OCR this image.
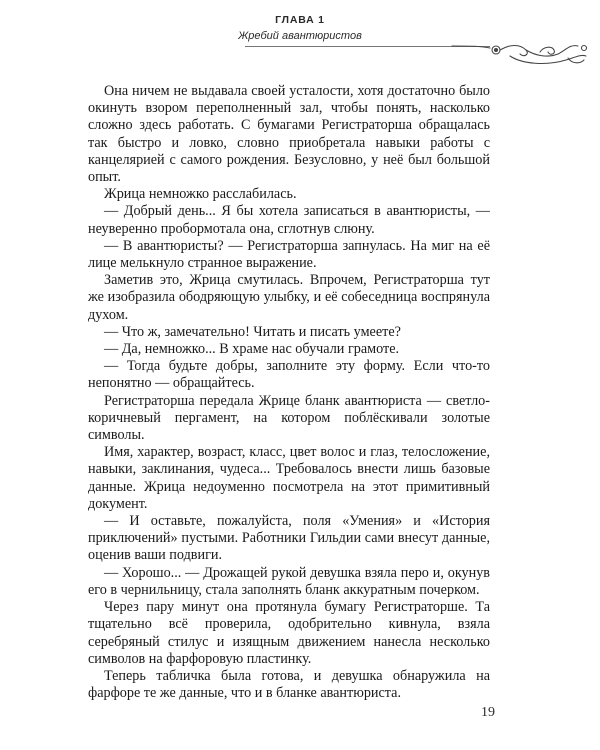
ГЛАВА 1
Жребий авантюристов

Она ничем не выдавала своей усталости, хотя достаточно было окинуть взором переполненный зал, чтобы понять, насколько сложно здесь работать. С бумагами Регистраторша обращалась так быстро и ловко, словно приобретала навыки работы с канцелярией с самого рождения. Безусловно, у неё был большой опыт.

Жрица немножко расслабилась.

— Добрый день... Я бы хотела записаться в авантюристы, — неуверенно пробормотала она, сглотнув слюну.

— В авантюристы? — Регистраторша запнулась. На миг на её лице мелькнуло странное выражение.

Заметив это, Жрица смутилась. Впрочем, Регистраторша тут же изобразила ободряющую улыбку, и её собеседница воспрянула духом.

— Что ж, замечательно! Читать и писать умеете?

— Да, немножко... В храме нас обучали грамоте.

— Тогда будьте добры, заполните эту форму. Если что-то непонятно — обращайтесь.

Регистраторша передала Жрице бланк авантюриста — светло-коричневый пергамент, на котором поблёскивали золотые символы.

Имя, характер, возраст, класс, цвет волос и глаз, телосложение, навыки, заклинания, чудеса... Требовалось внести лишь базовые данные. Жрица недоуменно посмотрела на этот примитивный документ.

— И оставьте, пожалуйста, поля «Умения» и «История приключений» пустыми. Работники Гильдии сами внесут данные, оценив ваши подвиги.

— Хорошо... — Дрожащей рукой девушка взяла перо и, окунув его в чернильницу, стала заполнять бланк аккуратным почерком.

Через пару минут она протянула бумагу Регистраторше. Та тщательно всё проверила, одобрительно кивнула, взяла серебряный стилус и изящным движением нанесла несколько символов на фарфоровую пластинку.

Теперь табличка была готова, и девушка обнаружила на фарфоре те же данные, что и в бланке авантюриста.

19
